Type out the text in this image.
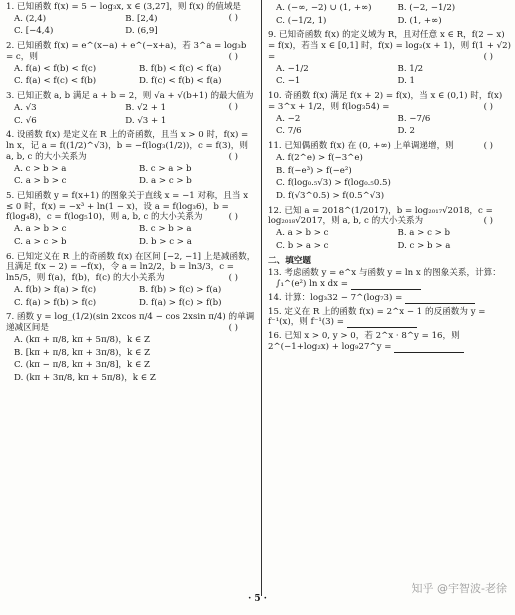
1. 已知函数 f(x) = 5 − log₃x, x ∈ (3,27]，则 f(x) 的值域是
( )

A. (2,4)	B. [2,4)
C. [−4,4)	D. (6,9]

2. 已知函数 f(x) = e^(x−a) + e^(−x+a)，若 3^a = log₃b = c，则	( )

A. f(a) < f(b) < f(c)	B. f(b) < f(c) < f(a)
C. f(a) < f(c) < f(b)	D. f(c) < f(b) < f(a)

3. 已知正数 a, b 满足 a + b = 2，则 √a + √(b+1) 的最大值为
( )

A. √3	B. √2 + 1
C. √6	D. √3 + 1

4. 设函数 f(x) 是定义在 R 上的奇函数，且当 x > 0 时，f(x) = ln x，记 a = f((1/2)^√3)，b = −f(log₃(1/2))，c = f(3)，则 a, b, c 的大小关系为	( )

A. c > b > a	B. c > a > b
C. a > b > c	D. a > c > b

5. 已知函数 y = f(x+1) 的图象关于直线 x = −1 对称，且当 x ≤ 0 时，f(x) = −x³ + ln(1 − x)，设 a = f(log₃6)，b = f(log₄8)，c = f(log₅10)，则 a, b, c 的大小关系为	( )

A. a > b > c	B. c > b > a
C. a > c > b	D. b > c > a

6. 已知定义在 R 上的奇函数 f(x) 在区间 [−2, −1] 上是减函数，且满足 f(x − 2) = −f(x)，令 a = ln2/2，b = ln3/3，c = ln5/5，则 f(a)，f(b)，f(c) 的大小关系为	( )

A. f(b) > f(a) > f(c)	B. f(b) > f(c) > f(a)
C. f(a) > f(b) > f(c)	D. f(a) > f(c) > f(b)

7. 函数 y = log_(1/2)(sin 2xcos π/4 − cos 2xsin π/4) 的单调递减区间是	( )

A. (kπ + π/8, kπ + 5π/8)，k ∈ Z
B. [kπ + π/8, kπ + 3π/8)，k ∈ Z
C. (kπ − π/8, kπ + 3π/8]，k ∈ Z
D. (kπ + 3π/8, kπ + 5π/8)，k ∈ Z
A. (−∞, −2) ∪ (1, +∞)	B. (−2, −1/2)
C. (−1/2, 1)	D. (1, +∞)

9. 已知奇函数 f(x) 的定义域为 R，且对任意 x ∈ R，f(2 − x) = f(x)，若当 x ∈ [0,1] 时，f(x) = log₂(x + 1)，则 f(1 + √2) =	( )

A. −1/2	B. 1/2
C. −1	D. 1

10. 奇函数 f(x) 满足 f(x + 2) = f(x)，当 x ∈ (0,1) 时，f(x) = 3^x + 1/2，则 f(log₃54) =	( )

A. −2	B. −7/6
C. 7/6	D. 2

11. 已知偶函数 f(x) 在 (0, +∞) 上单调递增，则	( )

A. f(2^e) > f(−3^e)
B. f(−e³) > f(−e²)
C. f(log₀.₅√3) > f(log₀.₅0.5)
D. f(√3^0.5) > f(0.5^√3)

12. 已知 a = 2018^(1/2017)，b = log₂₀₁₇√2018，c = log₂₀₁₈√2017，则 a, b, c 的大小关系为	( )

A. a > b > c	B. a > c > b
C. b > a > c	D. c > b > a
二、填空题
13. 考虑函数 y = e^x 与函数 y = ln x 的图象关系，计算：
∫₁^(e²) ln x dx =
14. 计算：log₃32 − 7^(log₇3) =
15. 定义在 R 上的函数 f(x) = 2^x − 1 的反函数为 y = f⁻¹(x)，则 f⁻¹(3) =
16. 已知 x > 0, y > 0，若 2^x · 8^y = 16，则 2^(−1+log₂x) + log₉27^y =
· 5 ·
知乎 @宇智波-老徐
